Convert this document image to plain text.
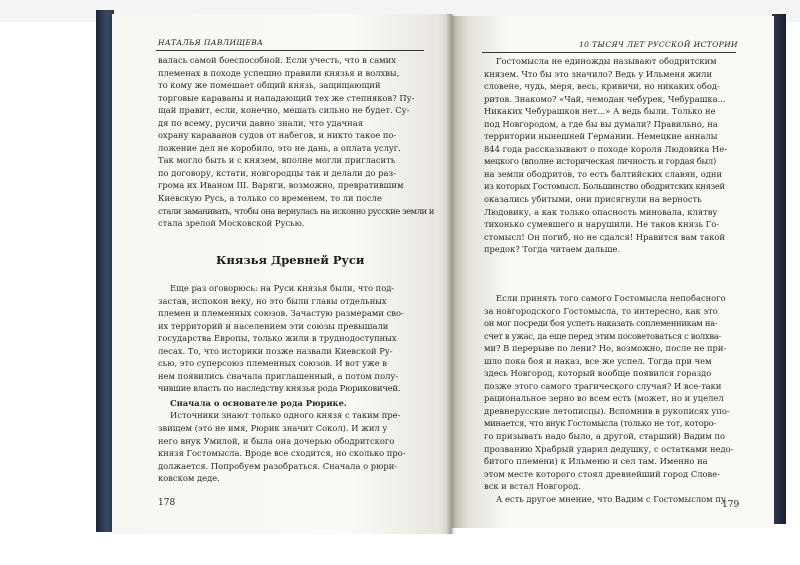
НАТАЛЬЯ ПАВЛИЩЕВА
валась самой боеспособной. Если учесть, что в самих
племенах в походе успешно правили князья и волхвы,
то кому же помешает общий князь, защищающий
торговые караваны и нападающий тех же степняков? Пу-
щай правит, если, конечно, мешать сильно не будет. Су-
дя по всему, русичи давно знали, что удачная
охрану караванов судов от набегов, и никто такое по-
ложение дел не коробило, это не дань, а оплата услуг.
Так могло быть и с князем, вполне могли пригласить
по договору, кстати, новгородцы так и делали до раз-
грома их Иваном III. Варяги, возможно, превратившим
Киевскую Русь, а только со временем, то ли после
стали заманивать, чтобы она вернулась на исконно русские земли и
стала зрелой Московской Русью.
Князья Древней Руси
Еще раз оговорюсь: на Руси князья были, что под-
застав, испокон веку, но это были главы отдельных
племен и племенных союзов. Зачастую размерами сво-
их территорий и населением эти союзы превышали
государства Европы, только жили в труднодоступных
лесах. То, что историки позже назвали Киевской Ру-
сью, это суперсоюз племенных союзов. И вот уже в
нем появились сначала приглашенный, а потом полу-
чившие власть по наследству князья рода Рюриковичей.
Сначала о основателе рода Рюрике.
Источники знают только одного князя с таким пре-
звищем (это не имя, Рюрик значит Сокол). И жил у
него внук Умилой, и была она дочерью ободритского
князя Гостомысла. Вроде все сходится, но сколько про-
должается. Попробуем разобраться. Сначала о рюри-
ковском деде.
178
10 ТЫСЯЧ ЛЕТ РУССКОЙ ИСТОРИИ
Гостомысла не единожды называют ободритским
князем. Что бы это значило? Ведь у Ильменя жили
словене, чудь, меря, весь, кривичи, но никаких обод-
ритов. Знакомо? «Чай, чемодан чебурек, Чебурашка...
Никаких Чебурашков нет...» А ведь были. Только не
под Новгородом, а где бы вы думали? Правильно, на
территории нынешней Германии. Немецкие анналы
844 года рассказывают о походе короля Людовика Не-
мецкого (вполне историческая личность и гордая был)
на земли ободритов, то есть балтийских славян, одни
из которых Гостомысл. Большинство ободритских князей
оказались убитыми, они присягнули на верность
Людовику, а как только опасность миновала, клятву
тихонько сумевшего и нарушили. Не таков князь Го-
стомысл! Он погиб, но не сдался! Нравится вам такой
предок? Тогда читаем дальше.
Если принять того самого Гостомысла непобасного
за новгородского Гостомысла, то интересно, как это
он мог посреди боя успеть наказать соплеменникам на-
счет в ужас, да еще перед этим посоветоваться с волхва-
ми? В перерыве по лени? Но, возможно, после не при-
шло пока боя и наказ, все же успел. Тогда при чем
здесь Новгород, который вообще появился гораздо
позже этого самого трагического случая? И все-таки
рациональное зерно во всем есть (может, но и уцелел
древнерусские летописцы). Вспомнив в рукописях упо-
минается, что внук Гостомысла (только не тот, которо-
го призывать надо было, а другой, старший) Вадим по
прозванию Храбрый ударил дедушку, с остатками недо-
битого племени) к Ильменю и сел там. Именно на
этом месте которого стоял древнейший город Слове-
вск и встал Новгород.
А есть другое мнение, что Вадим с Гостомыслом пу
179
